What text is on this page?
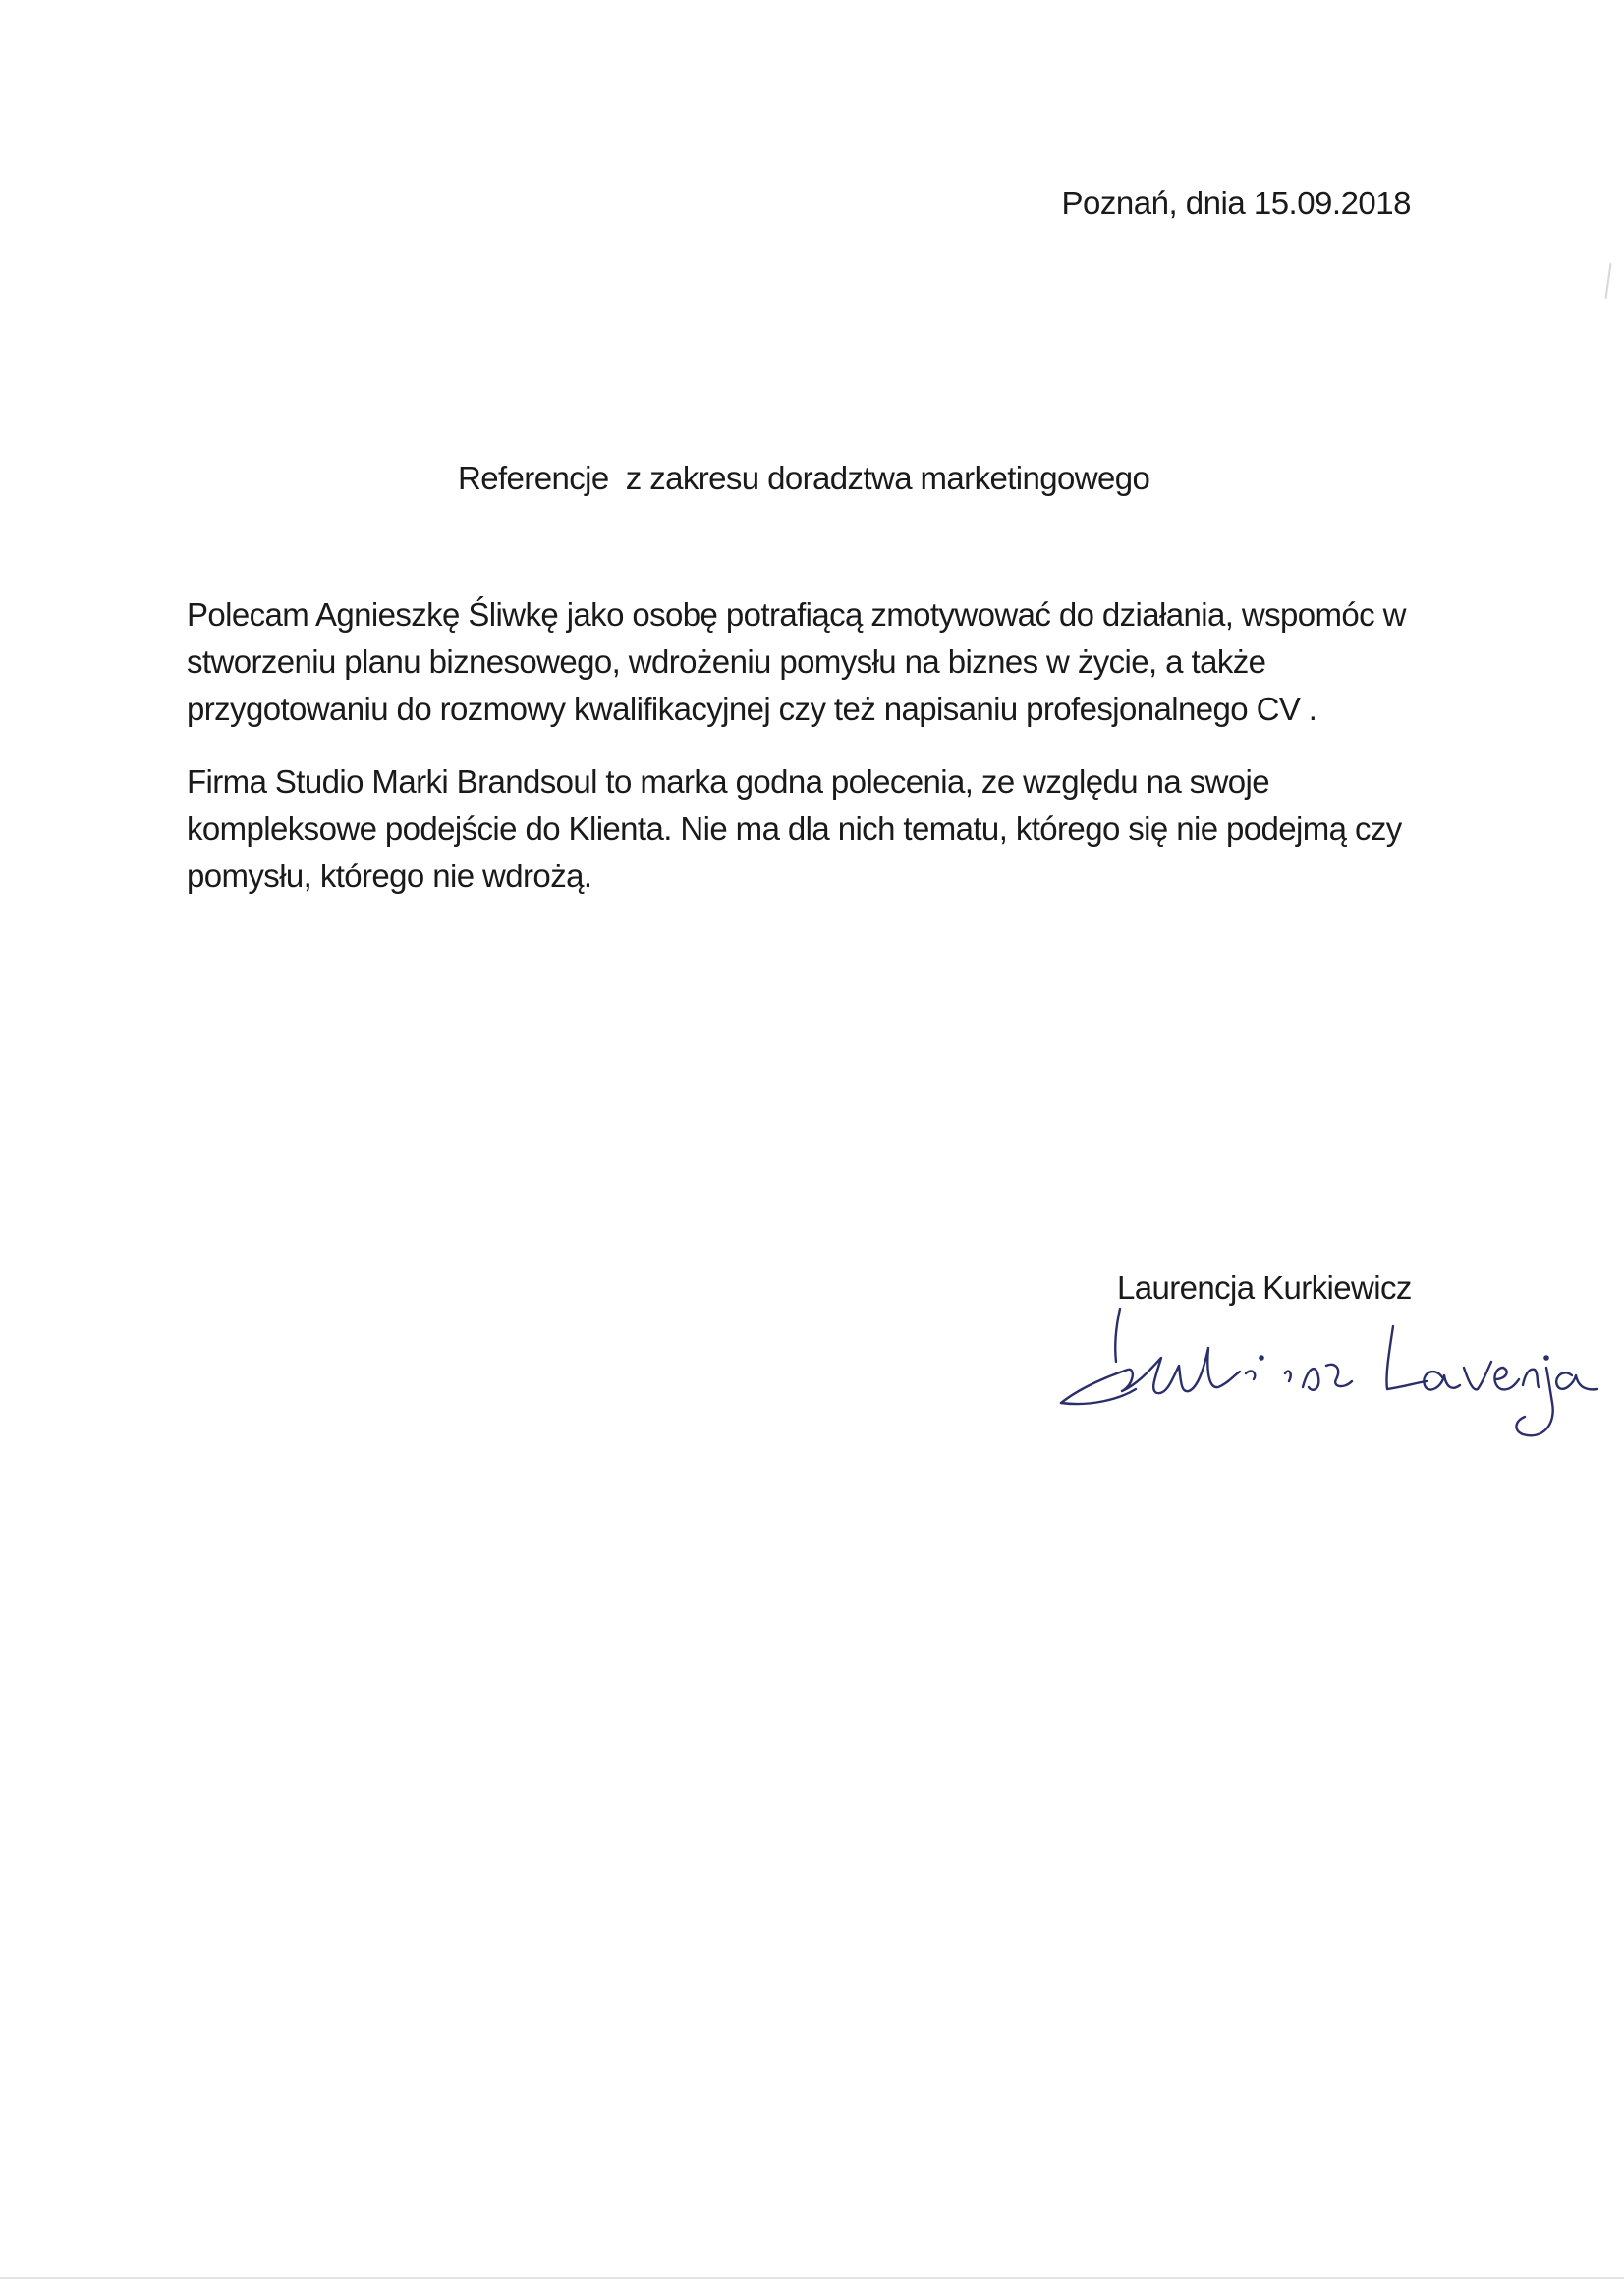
Poznań, dnia 15.09.2018
Referencje  z zakresu doradztwa marketingowego

Polecam Agnieszkę Śliwkę jako osobę potrafiącą zmotywować do działania, wspomóc w
stworzeniu planu biznesowego, wdrożeniu pomysłu na biznes w życie, a także
przygotowaniu do rozmowy kwalifikacyjnej czy też napisaniu profesjonalnego CV .

Firma Studio Marki Brandsoul to marka godna polecenia, ze względu na swoje
kompleksowe podejście do Klienta. Nie ma dla nich tematu, którego się nie podejmą czy
pomysłu, którego nie wdrożą.

Laurencja Kurkiewicz
